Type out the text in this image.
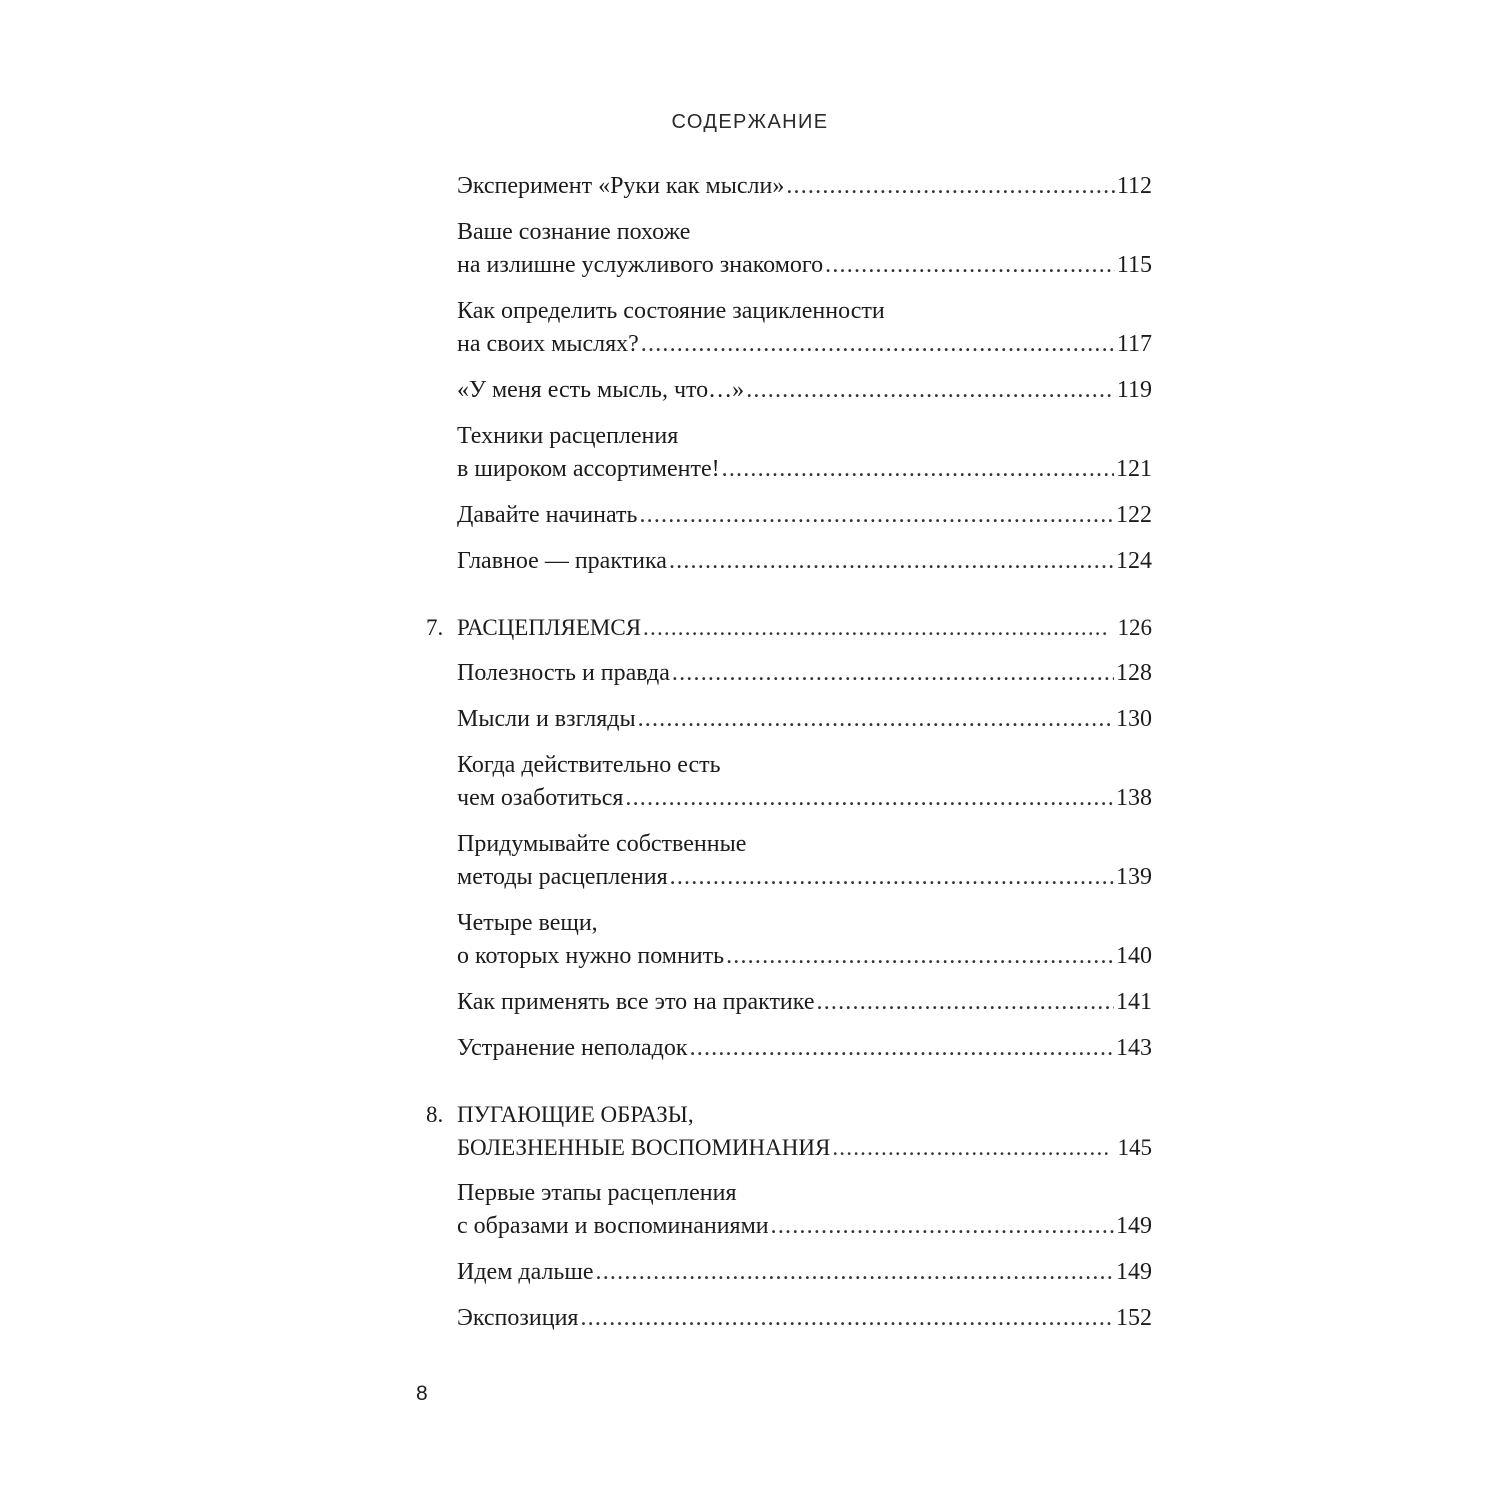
СОДЕРЖАНИЕ
Эксперимент «Руки как мысли» .....	112
Ваше сознание похоже
на излишне услужливого знакомого .....	115
Как определить состояние зацикленности
на своих мыслях? .....	117
«У меня есть мысль, что…» .....	119
Техники расцепления
в широком ассортименте! .....	121
Давайте начинать .....	122
Главное — практика .....	124
7. РАСЦЕПЛЯЕМСЯ .....	126
Полезность и правда .....	128
Мысли и взгляды .....	130
Когда действительно есть
чем озаботиться .....	138
Придумывайте собственные
методы расцепления .....	139
Четыре вещи,
о которых нужно помнить .....	140
Как применять все это на практике .....	141
Устранение неполадок .....	143
8. ПУГАЮЩИЕ ОБРАЗЫ,
БОЛЕЗНЕННЫЕ ВОСПОМИНАНИЯ .....	145
Первые этапы расцепления
с образами и воспоминаниями .....	149
Идем дальше .....	149
Экспозиция .....	152
8
